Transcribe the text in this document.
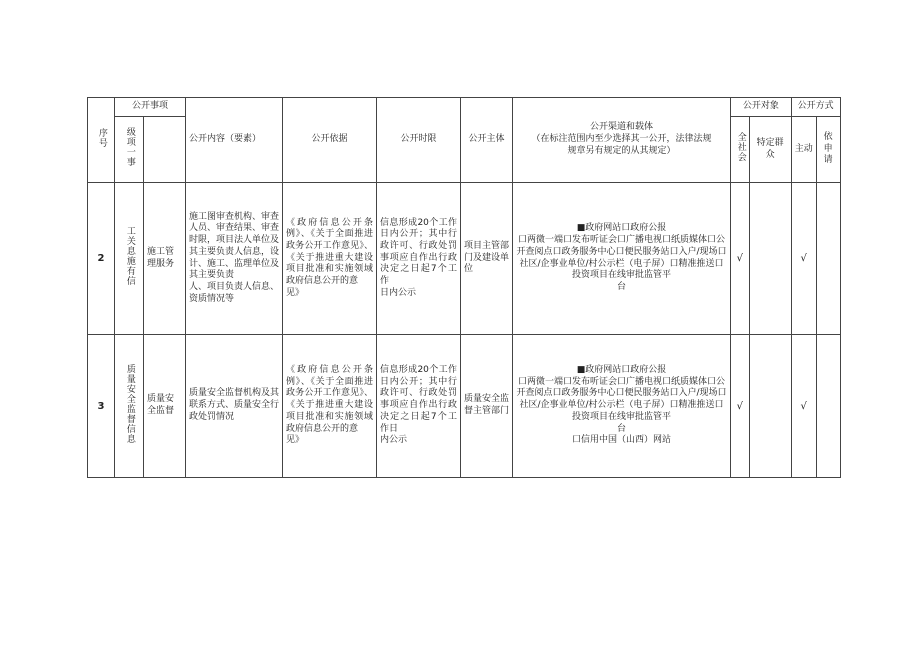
序号	公开事项		公开内容（要素）	公开依据	公开时限	公开主体	公开渠道和载体
（在标注范围内至少选择其一公开，法律法规
规章另有规定的从其规定）	公开对象		公开方式	
	级项一事							全社会	特定群众	主动	依申请
2	工关息施有信	施工管理服务	施工图审查机构、审查人员、审查结果、审查时限，项目法人单位及其主要负责人信息，设计、施工、监理单位及其主要负责
人、项目负责人信息、资质情况等	《政府信息公开条例》、《关于全面推进政务公开工作意见》、《关于推进重大建设项目批准和实施领域政府信息公开的意
见》	信息形成20个工作日内公开；其中行政许可、行政处罚事项应自作出行政决定之日起7个工作
日内公示	项目主管部门及建设单位	■政府网站口政府公报
口两微一端口发布听证会口广播电视口纸质媒体口公开查阅点口政务服务中心口便民服务站口入户/现场口社区/企事业单位/村公示栏（电子屏）口精准推送口投资项目在线审批监管平
台	√		√	
3	质量安全监督信息	质量安全监督	质量安全监督机构及其联系方式、质量安全行政处罚情况	《政府信息公开条例》、《关于全面推进政务公开工作意见》、《关于推进重大建设项目批准和实施领域政府信息公开的意
见》	信息形成20个工作日内公开；其中行政许可、行政处罚事项应自作出行政决定之日起7个工作日
内公示	质量安全监督主管部门	■政府网站口政府公报
口两微一端口发布听证会口广播电视口纸质媒体口公开查阅点口政务服务中心口便民服务站口入户/现场口社区/企事业单位/村公示栏（电子屏）口精准推送口投资项目在线审批监管平
台
口信用中国（山西）网站	√		√	
